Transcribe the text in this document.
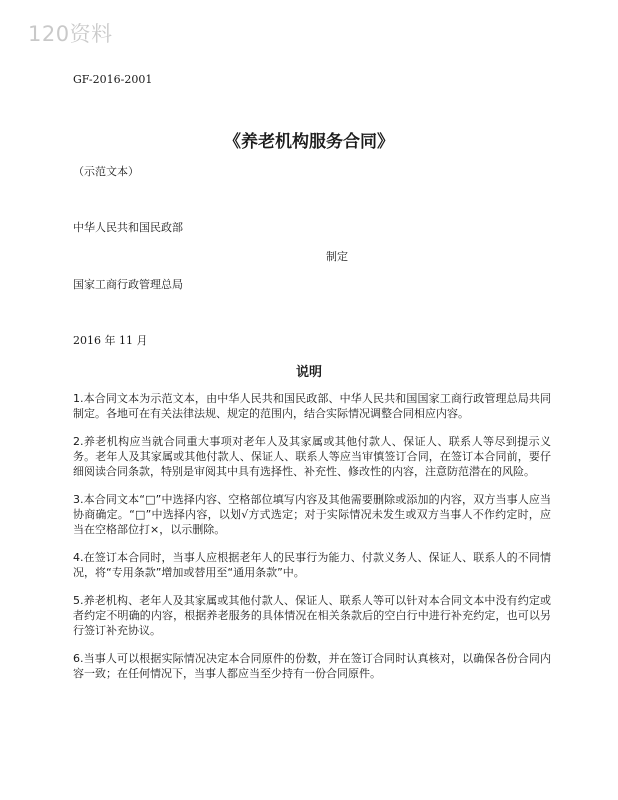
120资料
GF-2016-2001
《养老机构服务合同》
（示范文本）
中华人民共和国民政部
制定
国家工商行政管理总局
2016 年 11 月
说明

1.本合同文本为示范文本，由中华人民共和国民政部、中华人民共和国国家工商行政管理总局共同制定。各地可在有关法律法规、规定的范围内，结合实际情况调整合同相应内容。

2.养老机构应当就合同重大事项对老年人及其家属或其他付款人、保证人、联系人等尽到提示义务。老年人及其家属或其他付款人、保证人、联系人等应当审慎签订合同，在签订本合同前，要仔细阅读合同条款，特别是审阅其中具有选择性、补充性、修改性的内容，注意防范潜在的风险。

3.本合同文本“□”中选择内容、空格部位填写内容及其他需要删除或添加的内容，双方当事人应当协商确定。“□”中选择内容，以划√方式选定；对于实际情况未发生或双方当事人不作约定时，应当在空格部位打×，以示删除。

4.在签订本合同时，当事人应根据老年人的民事行为能力、付款义务人、保证人、联系人的不同情况，将“专用条款”增加或替用至“通用条款”中。

5.养老机构、老年人及其家属或其他付款人、保证人、联系人等可以针对本合同文本中没有约定或者约定不明确的内容，根据养老服务的具体情况在相关条款后的空白行中进行补充约定，也可以另行签订补充协议。

6.当事人可以根据实际情况决定本合同原件的份数，并在签订合同时认真核对，以确保各份合同内容一致；在任何情况下，当事人都应当至少持有一份合同原件。
